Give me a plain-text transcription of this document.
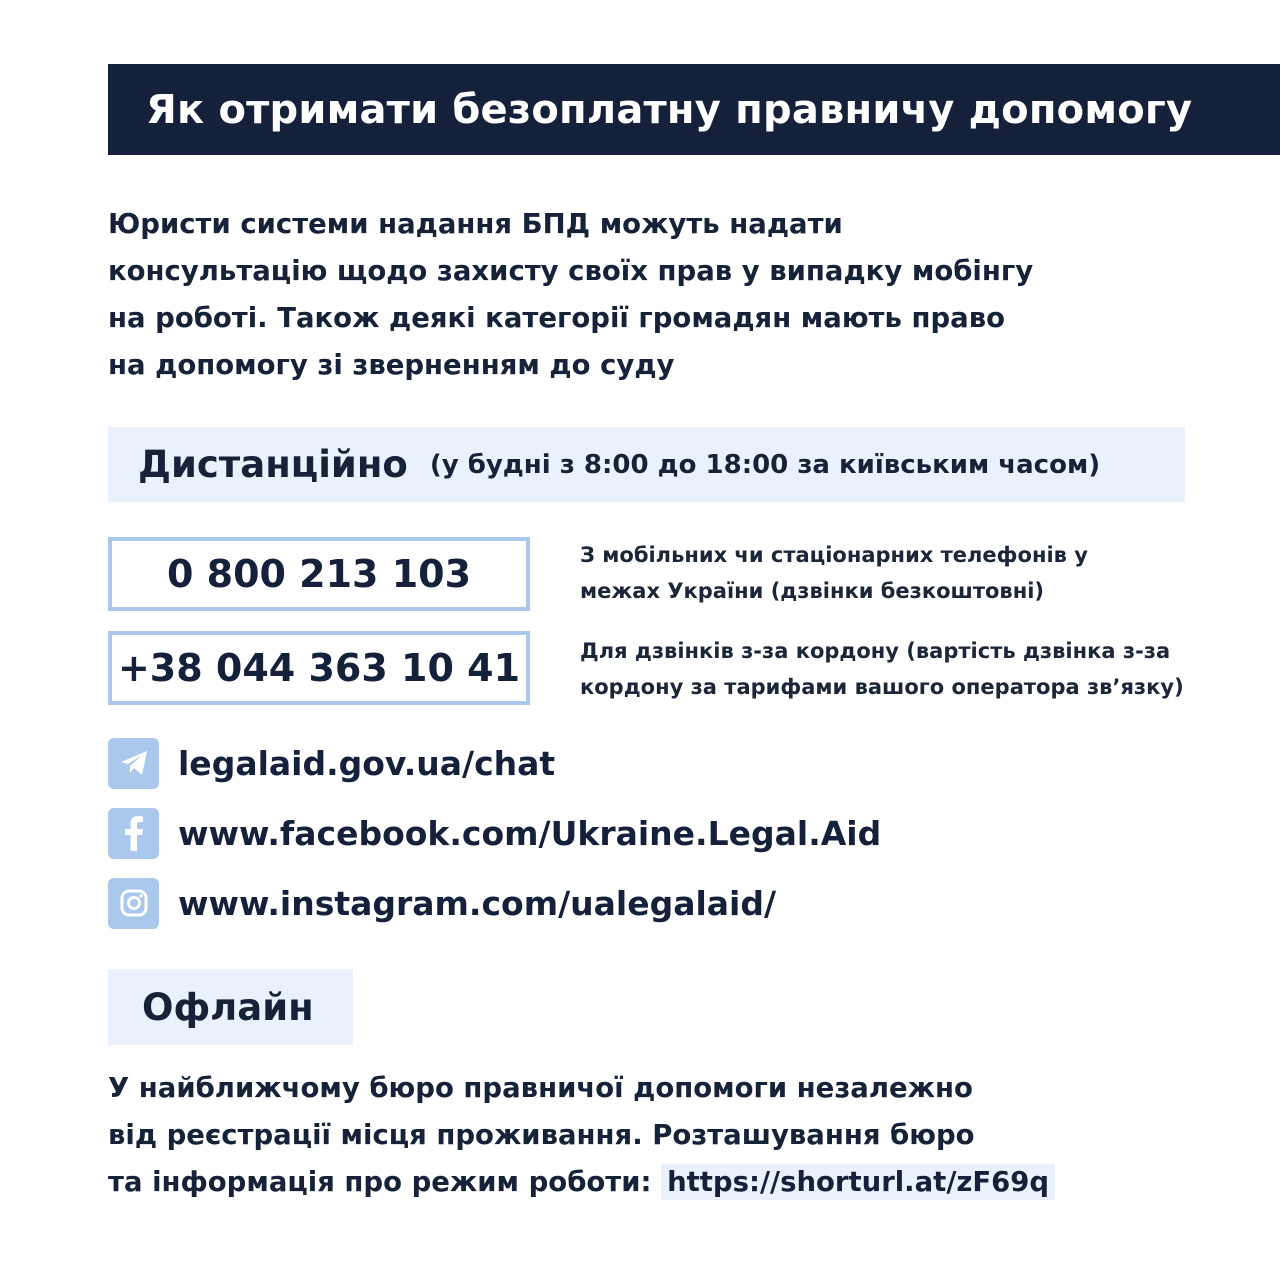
Як отримати безоплатну правничу допомогу

Юристи системи надання БПД можуть надати
консультацію щодо захисту своїх прав у випадку мобінгу
на роботі. Також деякі категорії громадян мають право
на допомогу зі зверненням до суду

Дистанційно (у будні з 8:00 до 18:00 за київським часом)
0 800 213 103	З мобільних чи стаціонарних телефонів у
межах України (дзвінки безкоштовні)

+38 044 363 10 41	Для дзвінків з-за кордону (вартість дзвінка з-за
кордону за тарифами вашого оператора зв’язку)

legalaid.gov.ua/chat
www.facebook.com/Ukraine.Legal.Aid
www.instagram.com/ualegalaid/
Офлайн

У найближчому бюро правничої допомоги незалежно
від реєстрації місця проживання. Розташування бюро
та інформація про режим роботи: https://shorturl.at/zF69q
